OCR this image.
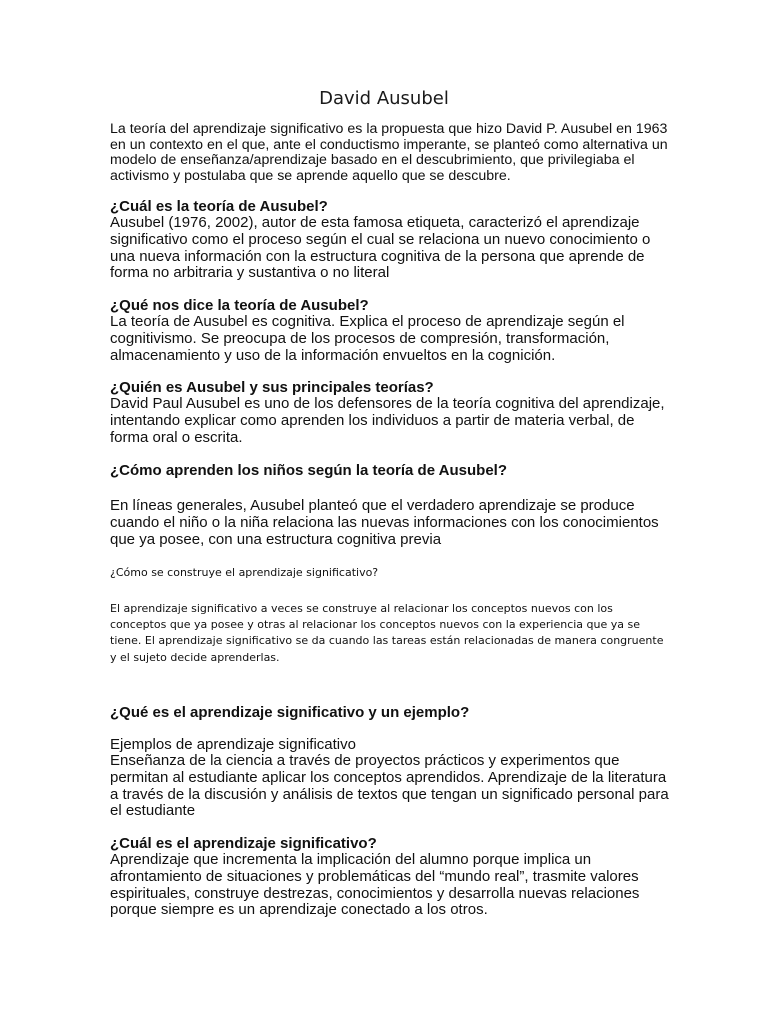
David Ausubel

La teoría del aprendizaje significativo es la propuesta que hizo David P. Ausubel en 1963 en un contexto en el que, ante el conductismo imperante, se planteó como alternativa un modelo de enseñanza/aprendizaje basado en el descubrimiento, que privilegiaba el activismo y postulaba que se aprende aquello que se descubre.

¿Cuál es la teoría de Ausubel?

Ausubel (1976, 2002), autor de esta famosa etiqueta, caracterizó el aprendizaje significativo como el proceso según el cual se relaciona un nuevo conocimiento o una nueva información con la estructura cognitiva de la persona que aprende de forma no arbitraria y sustantiva o no literal

¿Qué nos dice la teoría de Ausubel?

La teoría de Ausubel es cognitiva. Explica el proceso de aprendizaje según el cognitivismo. Se preocupa de los procesos de compresión, transformación, almacenamiento y uso de la información envueltos en la cognición.

¿Quién es Ausubel y sus principales teorías?

David Paul Ausubel es uno de los defensores de la teoría cognitiva del aprendizaje, intentando explicar como aprenden los individuos a partir de materia verbal, de forma oral o escrita.

¿Cómo aprenden los niños según la teoría de Ausubel?

En líneas generales, Ausubel planteó que el verdadero aprendizaje se produce cuando el niño o la niña relaciona las nuevas informaciones con los conocimientos que ya posee, con una estructura cognitiva previa

¿Cómo se construye el aprendizaje significativo?

El aprendizaje significativo a veces se construye al relacionar los conceptos nuevos con los conceptos que ya posee y otras al relacionar los conceptos nuevos con la experiencia que ya se tiene. El aprendizaje significativo se da cuando las tareas están relacionadas de manera congruente y el sujeto decide aprenderlas.

¿Qué es el aprendizaje significativo y un ejemplo?
Ejemplos de aprendizaje significativo

Enseñanza de la ciencia a través de proyectos prácticos y experimentos que permitan al estudiante aplicar los conceptos aprendidos. Aprendizaje de la literatura a través de la discusión y análisis de textos que tengan un significado personal para el estudiante

¿Cuál es el aprendizaje significativo?

Aprendizaje que incrementa la implicación del alumno porque implica un afrontamiento de situaciones y problemáticas del “mundo real”, trasmite valores espirituales, construye destrezas, conocimientos y desarrolla nuevas relaciones porque siempre es un aprendizaje conectado a los otros.
